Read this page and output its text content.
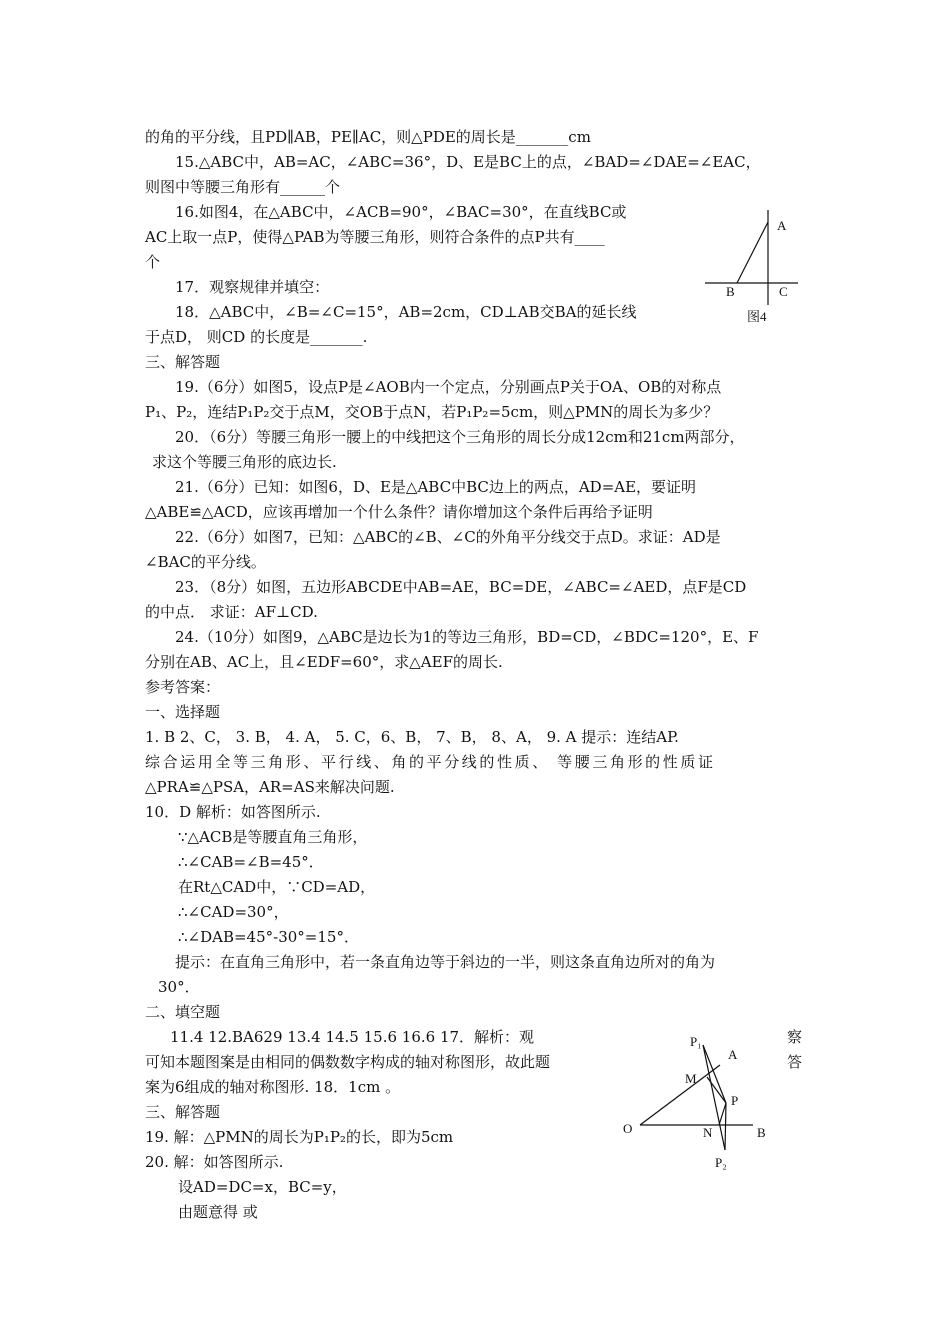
的角的平分线，且PD∥AB，PE∥AC，则△PDE的周长是_______cm
15.△ABC中，AB=AC，∠ABC=36°，D、E是BC上的点，∠BAD=∠DAE=∠EAC，
则图中等腰三角形有______个
16.如图4，在△ABC中，∠ACB=90°，∠BAC=30°，在直线BC或
AC上取一点P，使得△PAB为等腰三角形，则符合条件的点P共有____
个
17．观察规律并填空：
18．△ABC中，∠B=∠C=15°，AB=2cm，CD⊥AB交BA的延长线
于点D， 则CD 的长度是_______.
三、解答题
19.（6分）如图5，设点P是∠AOB内一个定点，分别画点P关于OA、OB的对称点
P₁、P₂，连结P₁P₂交于点M，交OB于点N，若P₁P₂=5cm，则△PMN的周长为多少？
20．（6分）等腰三角形一腰上的中线把这个三角形的周长分成12cm和21cm两部分，
求这个等腰三角形的底边长.
21.（6分）已知：如图6，D、E是△ABC中BC边上的两点，AD=AE，要证明
△ABE≌△ACD，应该再增加一个什么条件？请你增加这个条件后再给予证明
22.（6分）如图7，已知：△ABC的∠B、∠C的外角平分线交于点D。求证：AD是
∠BAC的平分线。
23．（8分）如图，五边形ABCDE中AB=AE，BC=DE，∠ABC=∠AED，点F是CD
的中点． 求证：AF⊥CD.
24.（10分）如图9，△ABC是边长为1的等边三角形，BD=CD，∠BDC=120°，E、F
分别在AB、AC上，且∠EDF=60°，求△AEF的周长.
参考答案：
一、选择题
1. B 2、C， 3. B， 4. A， 5. C，6、B， 7、B， 8、A， 9. A 提示：连结AP.
综合运用全等三角形、平行线、角的平分线的性质、 等腰三角形的性质证
△PRA≌△PSA，AR=AS来解决问题.
10．D 解析：如答图所示.
∵△ACB是等腰直角三角形，
∴∠CAB=∠B=45°．
在Rt△CAD中，∵CD=AD，
∴∠CAD=30°，
∴∠DAB=45°-30°=15°．
提示：在直角三角形中，若一条直角边等于斜边的一半，则这条直角边所对的角为
30°．
二、填空题
11.4 12.BA629 13.4 14.5 15.6 16.6 17．解析：观
可知本题图案是由相同的偶数数字构成的轴对称图形，故此题
案为6组成的轴对称图形. 18．1cm 。
三、解答题
19. 解：△PMN的周长为P₁P₂的长，即为5cm
20. 解：如答图所示.
设AD=DC=x，BC=y，
由题意得 或
察
答
A
B	C
图4
P₁
A
M
P
O	N	B
P₂
